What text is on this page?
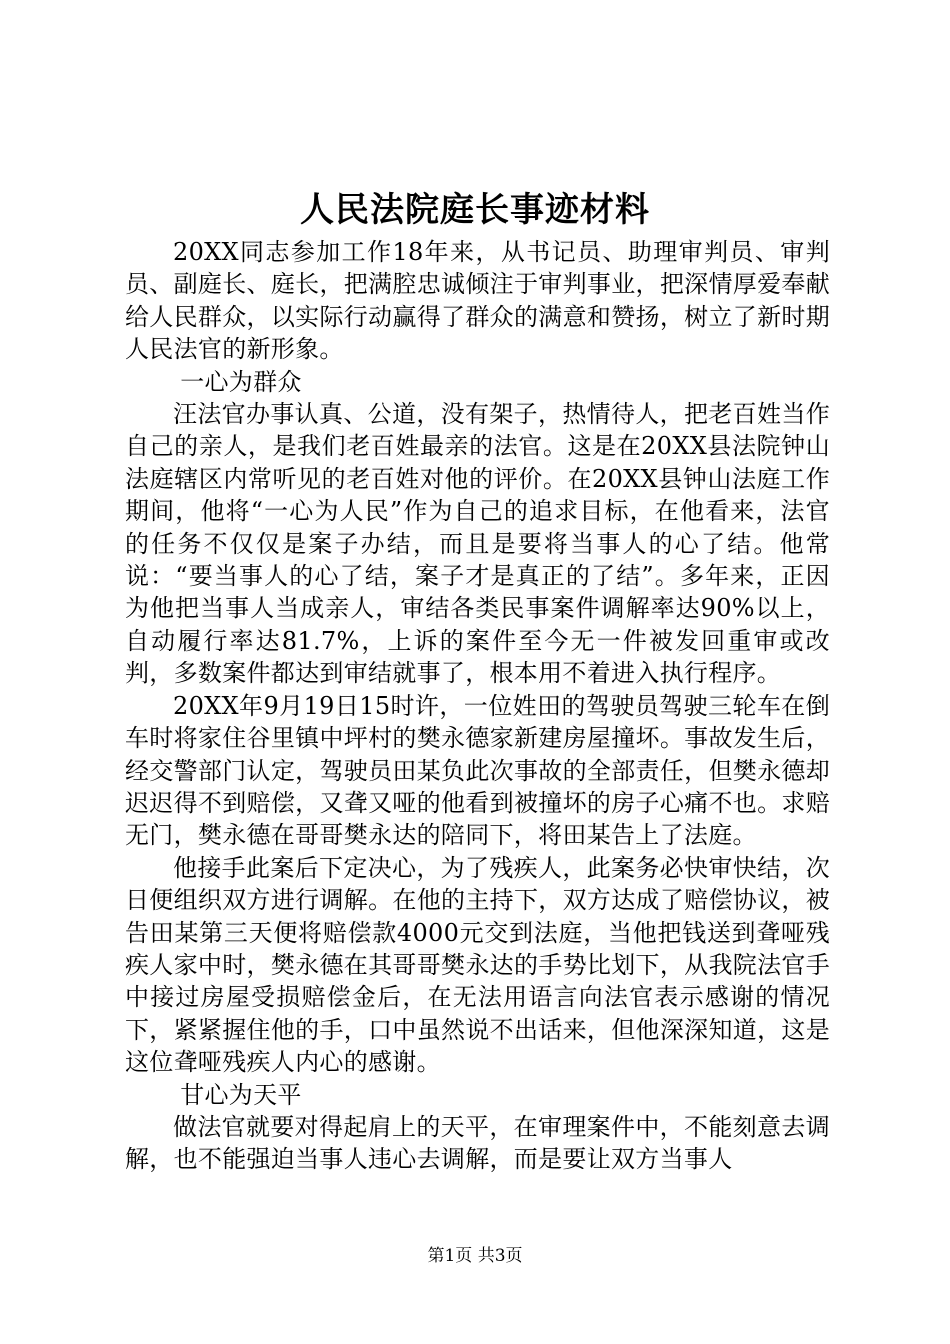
人民法院庭长事迹材料

20XX同志参加工作18年来，从书记员、助理审判员、审判员、副庭长、庭长，把满腔忠诚倾注于审判事业，把深情厚爱奉献给人民群众，以实际行动赢得了群众的满意和赞扬，树立了新时期人民法官的新形象。

一心为群众

汪法官办事认真、公道，没有架子，热情待人，把老百姓当作自己的亲人，是我们老百姓最亲的法官。这是在20XX县法院钟山法庭辖区内常听见的老百姓对他的评价。在20XX县钟山法庭工作期间，他将“一心为人民”作为自己的追求目标，在他看来，法官的任务不仅仅是案子办结，而且是要将当事人的心了结。他常说：“要当事人的心了结，案子才是真正的了结”。多年来，正因为他把当事人当成亲人，审结各类民事案件调解率达90%以上，自动履行率达81.7%，上诉的案件至今无一件被发回重审或改判，多数案件都达到审结就事了，根本用不着进入执行程序。

20XX年9月19日15时许，一位姓田的驾驶员驾驶三轮车在倒车时将家住谷里镇中坪村的樊永德家新建房屋撞坏。事故发生后，经交警部门认定，驾驶员田某负此次事故的全部责任，但樊永德却迟迟得不到赔偿，又聋又哑的他看到被撞坏的房子心痛不也。求赔无门，樊永德在哥哥樊永达的陪同下，将田某告上了法庭。

他接手此案后下定决心，为了残疾人，此案务必快审快结，次日便组织双方进行调解。在他的主持下，双方达成了赔偿协议，被告田某第三天便将赔偿款4000元交到法庭，当他把钱送到聋哑残疾人家中时，樊永德在其哥哥樊永达的手势比划下，从我院法官手中接过房屋受损赔偿金后，在无法用语言向法官表示感谢的情况下，紧紧握住他的手，口中虽然说不出话来，但他深深知道，这是这位聋哑残疾人内心的感谢。

甘心为天平

做法官就要对得起肩上的天平，在审理案件中，不能刻意去调解，也不能强迫当事人违心去调解，而是要让双方当事人

第1页 共3页
